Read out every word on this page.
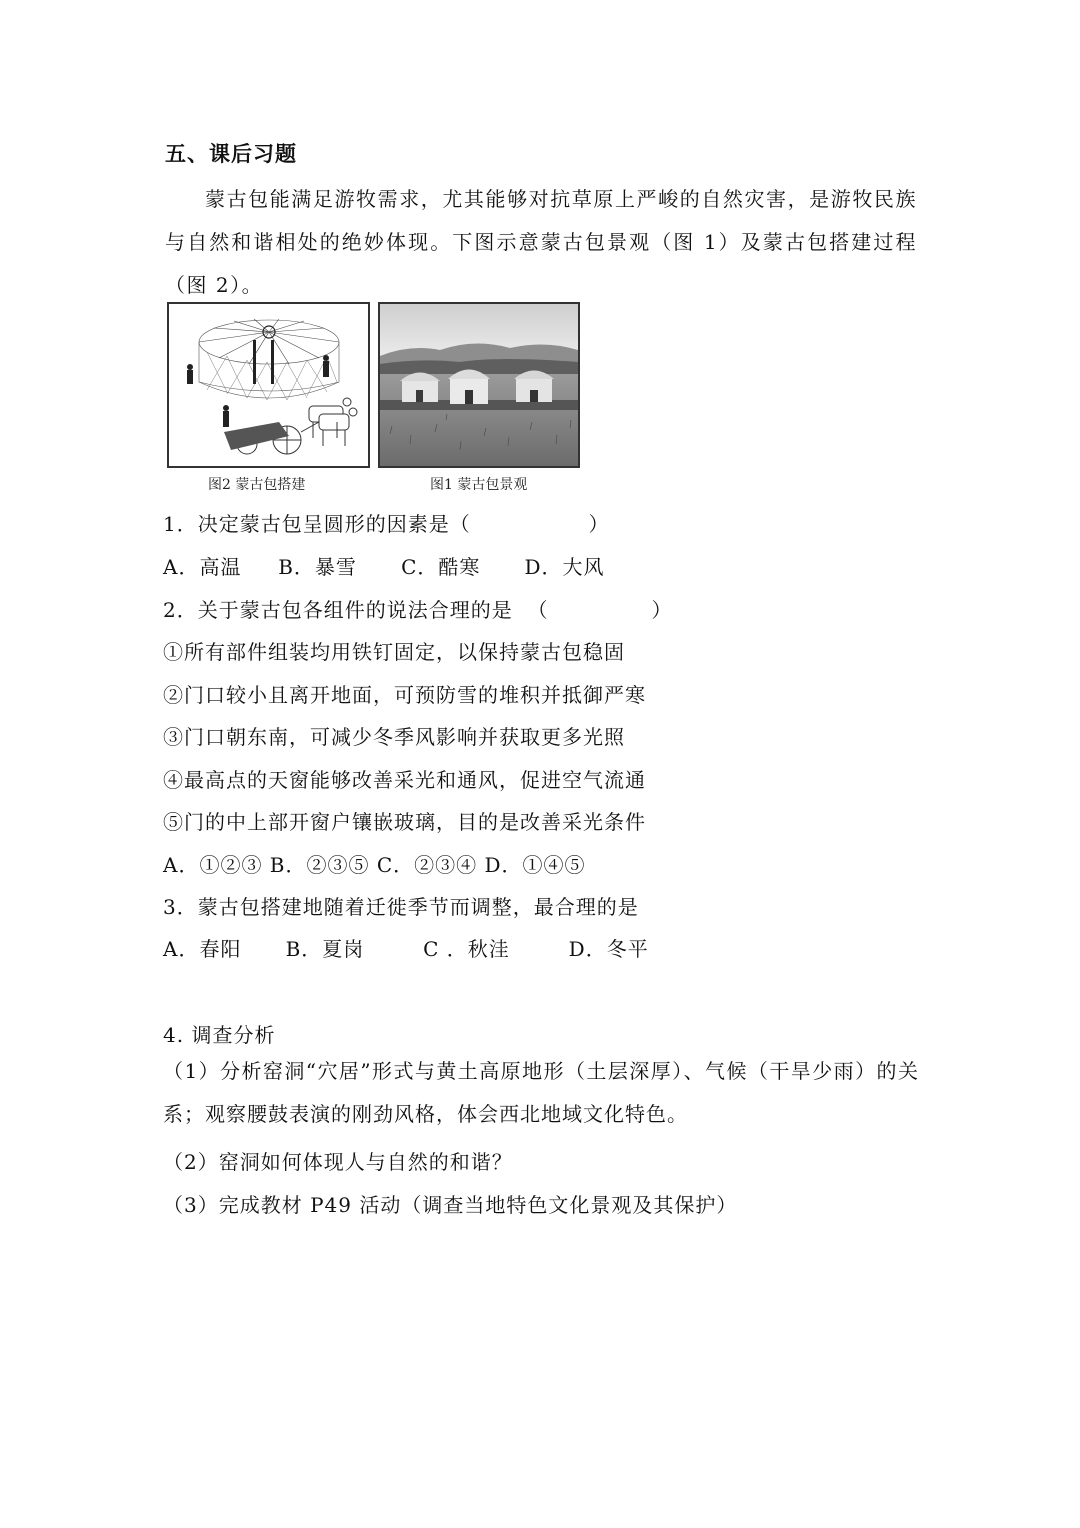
五、课后习题
蒙古包能满足游牧需求，尤其能够对抗草原上严峻的自然灾害，是游牧民族与自然和谐相处的绝妙体现。下图示意蒙古包景观（图 1）及蒙古包搭建过程（图 2）。
图2 蒙古包搭建	图1 蒙古包景观
1．决定蒙古包呈圆形的因素是（                ）
A．高温     B．暴雪      C．酷寒      D．大风
2．关于蒙古包各组件的说法合理的是  （              ）
①所有部件组装均用铁钉固定，以保持蒙古包稳固
②门口较小且离开地面，可预防雪的堆积并抵御严寒
③门口朝东南，可减少冬季风影响并获取更多光照
④最高点的天窗能够改善采光和通风，促进空气流通
⑤门的中上部开窗户镶嵌玻璃，目的是改善采光条件
A．①②③ B．②③⑤ C．②③④ D．①④⑤
3．蒙古包搭建地随着迁徙季节而调整，最合理的是
A．春阳      B．夏岗        C ．秋洼        D．冬平
4. 调查分析
（1）分析窑洞“穴居”形式与黄土高原地形（土层深厚）、气候（干旱少雨）的关系；观察腰鼓表演的刚劲风格，体会西北地域文化特色。
（2）窑洞如何体现人与自然的和谐？
（3）完成教材 P49 活动（调查当地特色文化景观及其保护）
